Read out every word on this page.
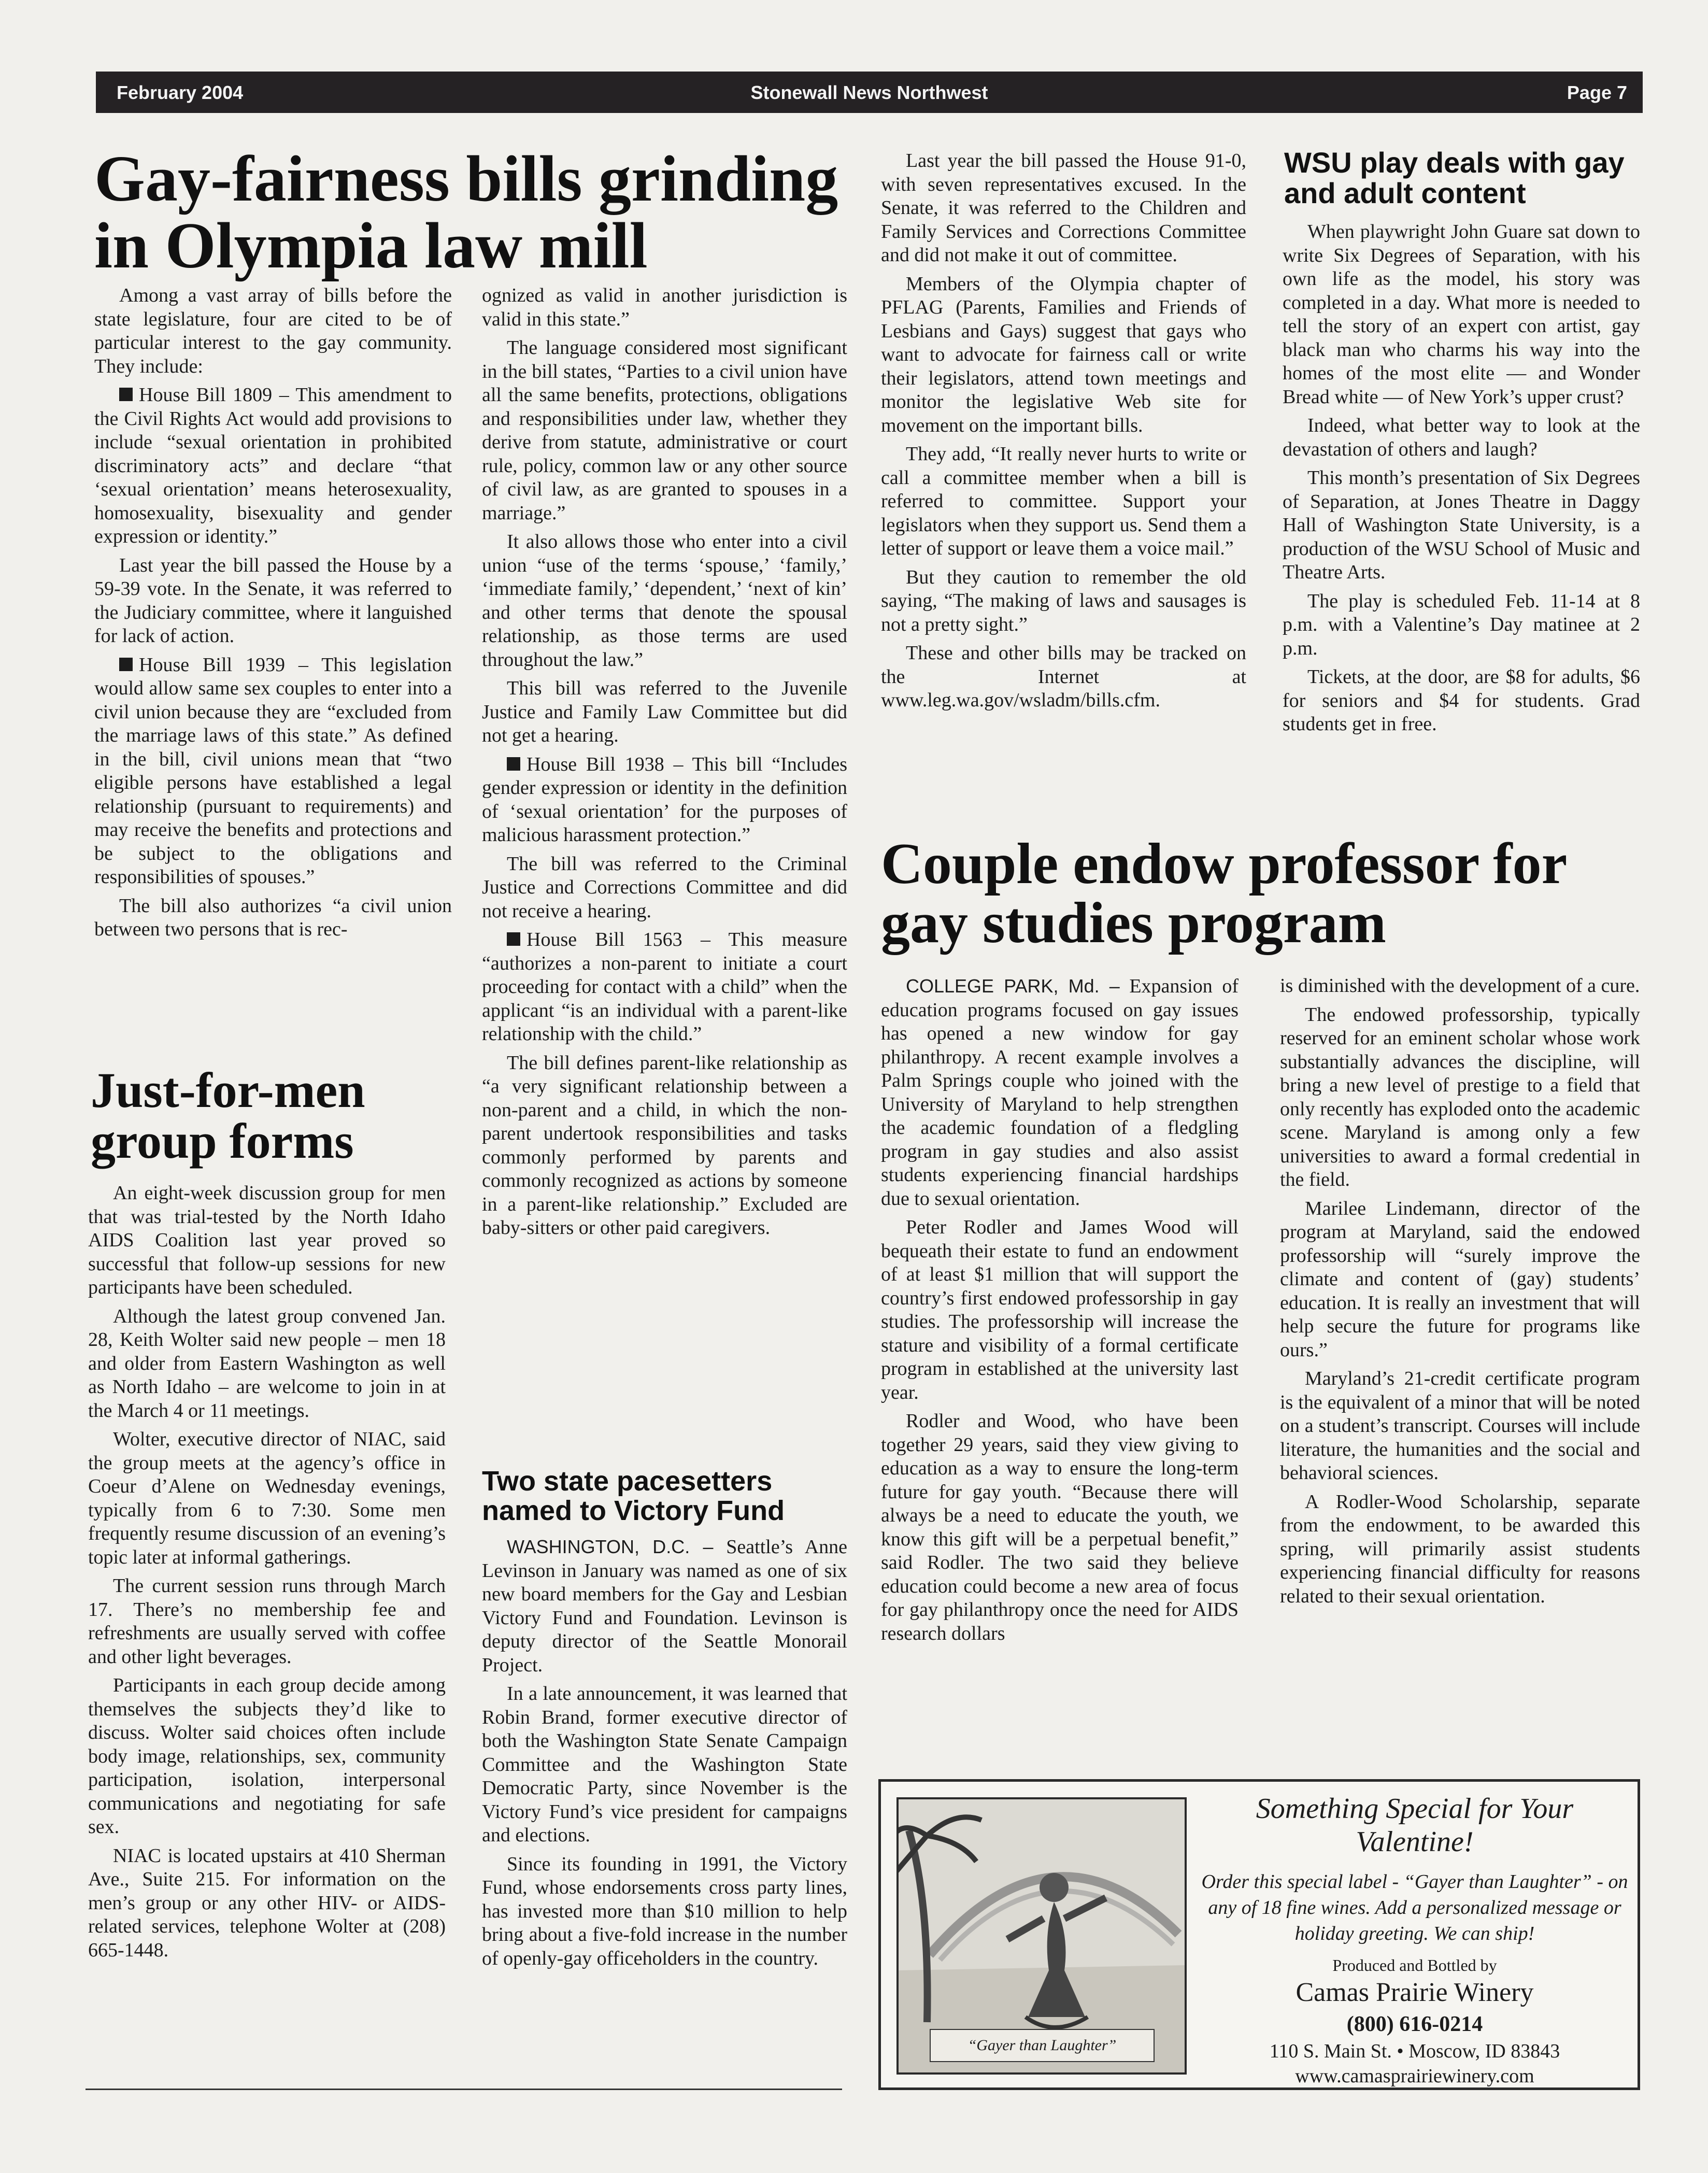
Stonewall News Northwest
February 2004	Page 7
Gay-fairness bills grinding in Olympia law mill

Among a vast array of bills before the state legislature, four are cited to be of particular interest to the gay community. They include:

House Bill 1809 – This amendment to the Civil Rights Act would add provisions to include “sexual orientation in prohibited discriminatory acts” and declare “that ‘sexual orientation’ means heterosexuality, homosexuality, bisexuality and gender expression or identity.”

Last year the bill passed the House by a 59-39 vote. In the Senate, it was referred to the Judiciary committee, where it languished for lack of action.

House Bill 1939 – This legislation would allow same sex couples to enter into a civil union because they are “excluded from the marriage laws of this state.” As defined in the bill, civil unions mean that “two eligible persons have established a legal relationship (pursuant to requirements) and may receive the benefits and protections and be subject to the obligations and responsibilities of spouses.”

The bill also authorizes “a civil union between two persons that is rec-

ognized as valid in another jurisdiction is valid in this state.”

The language considered most significant in the bill states, “Parties to a civil union have all the same benefits, protections, obligations and responsibilities under law, whether they derive from statute, administrative or court rule, policy, common law or any other source of civil law, as are granted to spouses in a marriage.”

It also allows those who enter into a civil union “use of the terms ‘spouse,’ ‘family,’ ‘immediate family,’ ‘dependent,’ ‘next of kin’ and other terms that denote the spousal relationship, as those terms are used throughout the law.”

This bill was referred to the Juvenile Justice and Family Law Committee but did not get a hearing.

House Bill 1938 – This bill “Includes gender expression or identity in the definition of ‘sexual orientation’ for the purposes of malicious harassment protection.”

The bill was referred to the Criminal Justice and Corrections Committee and did not receive a hearing.

House Bill 1563 – This measure “authorizes a non-parent to initiate a court proceeding for contact with a child” when the applicant “is an individual with a parent-like relationship with the child.”

The bill defines parent-like relationship as “a very significant relationship between a non-parent and a child, in which the non-parent undertook responsibilities and tasks commonly performed by parents and commonly recognized as actions by someone in a parent-like relationship.” Excluded are baby-sitters or other paid caregivers.

Last year the bill passed the House 91-0, with seven representatives excused. In the Senate, it was referred to the Children and Family Services and Corrections Committee and did not make it out of committee.

Members of the Olympia chapter of PFLAG (Parents, Families and Friends of Lesbians and Gays) suggest that gays who want to advocate for fairness call or write their legislators, attend town meetings and monitor the legislative Web site for movement on the important bills.

They add, “It really never hurts to write or call a committee member when a bill is referred to committee. Support your legislators when they support us. Send them a letter of support or leave them a voice mail.”

But they caution to remember the old saying, “The making of laws and sausages is not a pretty sight.”

These and other bills may be tracked on the Internet at www.leg.wa.gov/wsladm/bills.cfm.

WSU play deals with gay and adult content

When playwright John Guare sat down to write Six Degrees of Separation, with his own life as the model, his story was completed in a day. What more is needed to tell the story of an expert con artist, gay black man who charms his way into the homes of the most elite — and Wonder Bread white — of New York’s upper crust?

Indeed, what better way to look at the devastation of others and laugh?

This month’s presentation of Six Degrees of Separation, at Jones Theatre in Daggy Hall of Washington State University, is a production of the WSU School of Music and Theatre Arts.

The play is scheduled Feb. 11-14 at 8 p.m. with a Valentine’s Day matinee at 2 p.m.

Tickets, at the door, are $8 for adults, $6 for seniors and $4 for students. Grad students get in free.

Just-for-men group forms

An eight-week discussion group for men that was trial-tested by the North Idaho AIDS Coalition last year proved so successful that follow-up sessions for new participants have been scheduled.

Although the latest group convened Jan. 28, Keith Wolter said new people – men 18 and older from Eastern Washington as well as North Idaho – are welcome to join in at the March 4 or 11 meetings.

Wolter, executive director of NIAC, said the group meets at the agency’s office in Coeur d’Alene on Wednesday evenings, typically from 6 to 7:30. Some men frequently resume discussion of an evening’s topic later at informal gatherings.

The current session runs through March 17. There’s no membership fee and refreshments are usually served with coffee and other light beverages.

Participants in each group decide among themselves the subjects they’d like to discuss. Wolter said choices often include body image, relationships, sex, community participation, isolation, interpersonal communications and negotiating for safe sex.

NIAC is located upstairs at 410 Sherman Ave., Suite 215. For information on the men’s group or any other HIV- or AIDS-related services, telephone Wolter at (208) 665-1448.

Two state pacesetters named to Victory Fund

WASHINGTON, D.C. – Seattle’s Anne Levinson in January was named as one of six new board members for the Gay and Lesbian Victory Fund and Foundation. Levinson is deputy director of the Seattle Monorail Project.

In a late announcement, it was learned that Robin Brand, former executive director of both the Washington State Senate Campaign Committee and the Washington State Democratic Party, since November is the Victory Fund’s vice president for campaigns and elections.

Since its founding in 1991, the Victory Fund, whose endorsements cross party lines, has invested more than $10 million to help bring about a five-fold increase in the number of openly-gay officeholders in the country.

Couple endow professor for gay studies program

COLLEGE PARK, Md. – Expansion of education programs focused on gay issues has opened a new window for gay philanthropy. A recent example involves a Palm Springs couple who joined with the University of Maryland to help strengthen the academic foundation of a fledgling program in gay studies and also assist students experiencing financial hardships due to sexual orientation.

Peter Rodler and James Wood will bequeath their estate to fund an endowment of at least $1 million that will support the country’s first endowed professorship in gay studies. The professorship will increase the stature and visibility of a formal certificate program in established at the university last year.

Rodler and Wood, who have been together 29 years, said they view giving to education as a way to ensure the long-term future for gay youth. “Because there will always be a need to educate the youth, we know this gift will be a perpetual benefit,” said Rodler. The two said they believe education could become a new area of focus for gay philanthropy once the need for AIDS research dollars

is diminished with the development of a cure.

The endowed professorship, typically reserved for an eminent scholar whose work substantially advances the discipline, will bring a new level of prestige to a field that only recently has exploded onto the academic scene. Maryland is among only a few universities to award a formal credential in the field.

Marilee Lindemann, director of the program at Maryland, said the endowed professorship will “surely improve the climate and content of (gay) students’ education. It is really an investment that will help secure the future for programs like ours.”

Maryland’s 21-credit certificate program is the equivalent of a minor that will be noted on a student’s transcript. Courses will include literature, the humanities and the social and behavioral sciences.

A Rodler-Wood Scholarship, separate from the endowment, to be awarded this spring, will primarily assist students experiencing financial difficulty for reasons related to their sexual orientation.

“Gayer than Laughter”

Something Special for Your Valentine!

Order this special label - “Gayer than Laughter” - on any of 18 fine wines. Add a personalized message or holiday greeting. We can ship!

Produced and Bottled by

Camas Prairie Winery

(800) 616-0214

110 S. Main St. • Moscow, ID 83843

www.camasprairiewinery.com
